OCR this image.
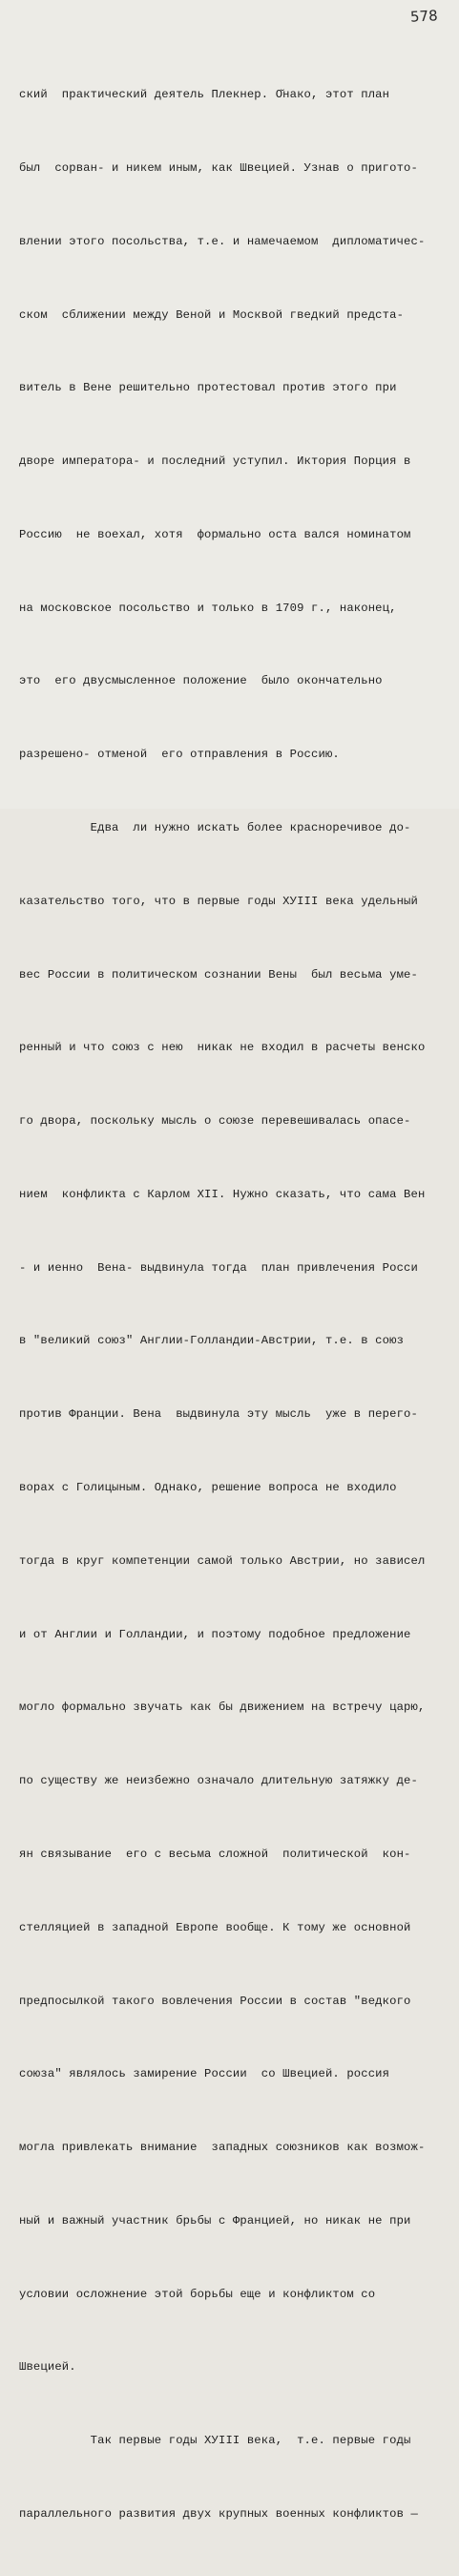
578

ский  практический деятель Плекнер. О̆нако, этот план

был  сорван- и никем иным, как Швецией. Узнав о пригото-

влении этого посольства, т.е. и намечаемом  дипломатичес-

ском  сближении между Веной и Москвой гведкий предста-

витель в Вене решительно протестовал против этого при

дворе императора- и последний уступил. Иктория Порция в

Россию  не воехал, хотя  формально оста вался номинатом

на московское посольство и только в 1709 г., наконец,

это  его двусмысленное положение  было окончательно

разрешено- отменой  его отправления в Россию.

Едва  ли нужно искать более красноречивое до-

казательство того, что в первые годы ХУIII века удельный

вес России в политическом сознании Вены  был весьма уме-

ренный и что союз с нею  никак не входил в расчеты венско

го двора, поскольку мысль о союзе перевешивалась опасе-

нием  конфликта с Карлом XII. Нужно сказать, что сама Вен

- и иенно  Вена- выдвинула тогда  план привлечения Росси

в "великий союз" Англии-Голландии-Австрии, т.е. в союз

против Франции. Вена  выдвинула эту мысль  уже в перего-

ворах с Голицыным. Однако, решение вопроса не входило

тогда в круг компетенции самой только Австрии, но зависел

и от Англии и Голландии, и поэтому подобное предложение

могло формально звучать как бы движением на встречу царю,

по существу же неизбежно означало длительную затяжку де-

ян связывание  его с весьма сложной  политической  кон-

стелляцией в западной Европе вообще. К тому же основной

предпосылкой такого вовлечения России в состав "ведкого

союза" являлось замирение России  со Швецией. россия

могла привлекать внимание  западных союзников как возмож-

ный и важный участник брьбы с Францией, но никак не при

условии осложнение этой борьбы еще и конфликтом со

Швецией.

Так первые годы ХУIII века,  т.е. первые годы

параллельного развития двух крупных военных конфликтов —
